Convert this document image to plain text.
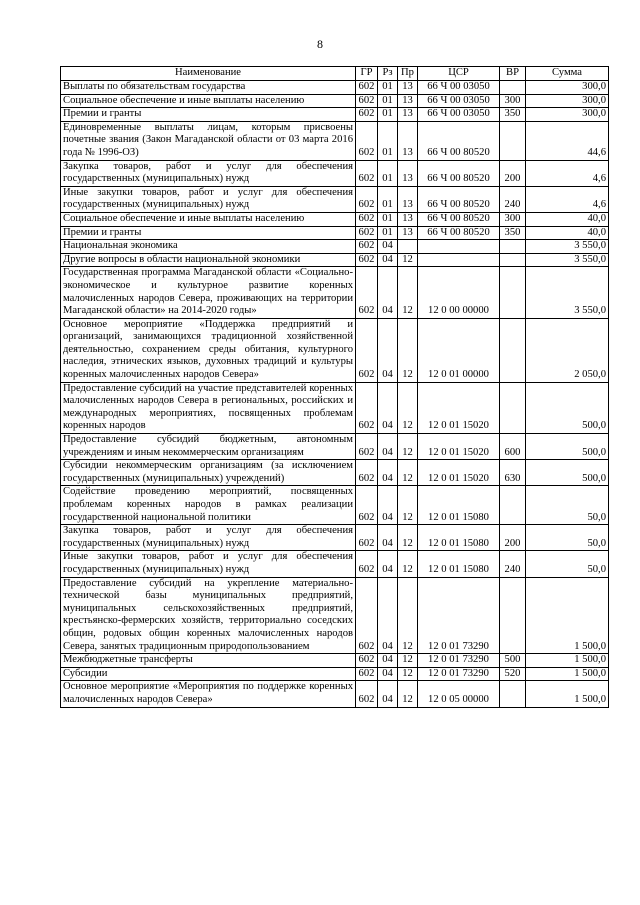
8
Наименование	ГР	Рз	Пр	ЦСР	ВР	Сумма
Выплаты по обязательствам государства	602	01	13	66 Ч 00 03050		300,0
Социальное обеспечение и иные выплаты населению	602	01	13	66 Ч 00 03050	300	300,0
Премии и гранты	602	01	13	66 Ч 00 03050	350	300,0
Единовременные выплаты лицам, которым присвоены почетные звания (Закон Магаданской области от 03 марта 2016 года № 1996-ОЗ)	602	01	13	66 Ч 00 80520		44,6
Закупка товаров, работ и услуг для обеспечения государственных (муниципальных) нужд	602	01	13	66 Ч 00 80520	200	4,6
Иные закупки товаров, работ и услуг для обеспечения государственных (муниципальных) нужд	602	01	13	66 Ч 00 80520	240	4,6
Социальное обеспечение и иные выплаты населению	602	01	13	66 Ч 00 80520	300	40,0
Премии и гранты	602	01	13	66 Ч 00 80520	350	40,0
Национальная экономика	602	04				3 550,0
Другие вопросы в области национальной экономики	602	04	12			3 550,0
Государственная программа Магаданской области «Социально-экономическое и культурное развитие коренных малочисленных народов Севера, проживающих на территории Магаданской области» на 2014-2020 годы»	602	04	12	12 0 00 00000		3 550,0
Основное мероприятие «Поддержка предприятий и организаций, занимающихся традиционной хозяйственной деятельностью, сохранением среды обитания, культурного наследия, этнических языков, духовных традиций и культуры коренных малочисленных народов Севера»	602	04	12	12 0 01 00000		2 050,0
Предоставление субсидий на участие представителей коренных малочисленных народов Севера в региональных, российских и международных мероприятиях, посвященных проблемам коренных народов	602	04	12	12 0 01 15020		500,0
Предоставление субсидий бюджетным, автономным учреждениям и иным некоммерческим организациям	602	04	12	12 0 01 15020	600	500,0
Субсидии некоммерческим организациям (за исключением государственных (муниципальных) учреждений)	602	04	12	12 0 01 15020	630	500,0
Содействие проведению мероприятий, посвященных проблемам коренных народов в рамках реализации государственной национальной политики	602	04	12	12 0 01 15080		50,0
Закупка товаров, работ и услуг для обеспечения государственных (муниципальных) нужд	602	04	12	12 0 01 15080	200	50,0
Иные закупки товаров, работ и услуг для обеспечения государственных (муниципальных) нужд	602	04	12	12 0 01 15080	240	50,0
Предоставление субсидий на укрепление материально-технической базы муниципальных предприятий, муниципальных сельскохозяйственных предприятий, крестьянско-фермерских хозяйств, территориально соседских общин, родовых общин коренных малочисленных народов Севера, занятых традиционным природопользованием	602	04	12	12 0 01 73290		1 500,0
Межбюджетные трансферты	602	04	12	12 0 01 73290	500	1 500,0
Субсидии	602	04	12	12 0 01 73290	520	1 500,0
Основное мероприятие «Мероприятия по поддержке коренных малочисленных народов Севера»	602	04	12	12 0 05 00000		1 500,0
